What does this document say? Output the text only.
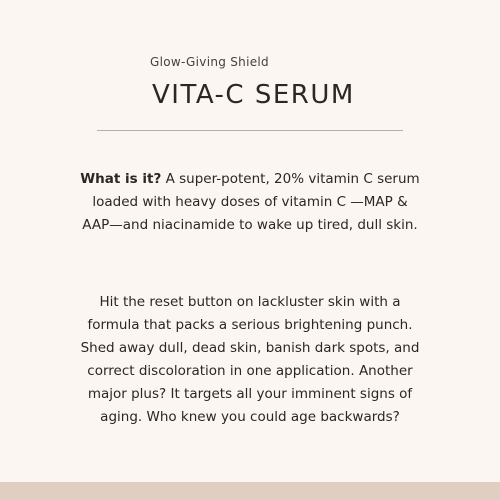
Glow-Giving Shield
VITA-C SERUM
What is it? A super-potent, 20% vitamin C serum loaded with heavy doses of vitamin C —MAP & AAP—and niacinamide to wake up tired, dull skin.
Hit the reset button on lackluster skin with a formula that packs a serious brightening punch. Shed away dull, dead skin, banish dark spots, and correct discoloration in one application. Another major plus? It targets all your imminent signs of aging. Who knew you could age backwards?
